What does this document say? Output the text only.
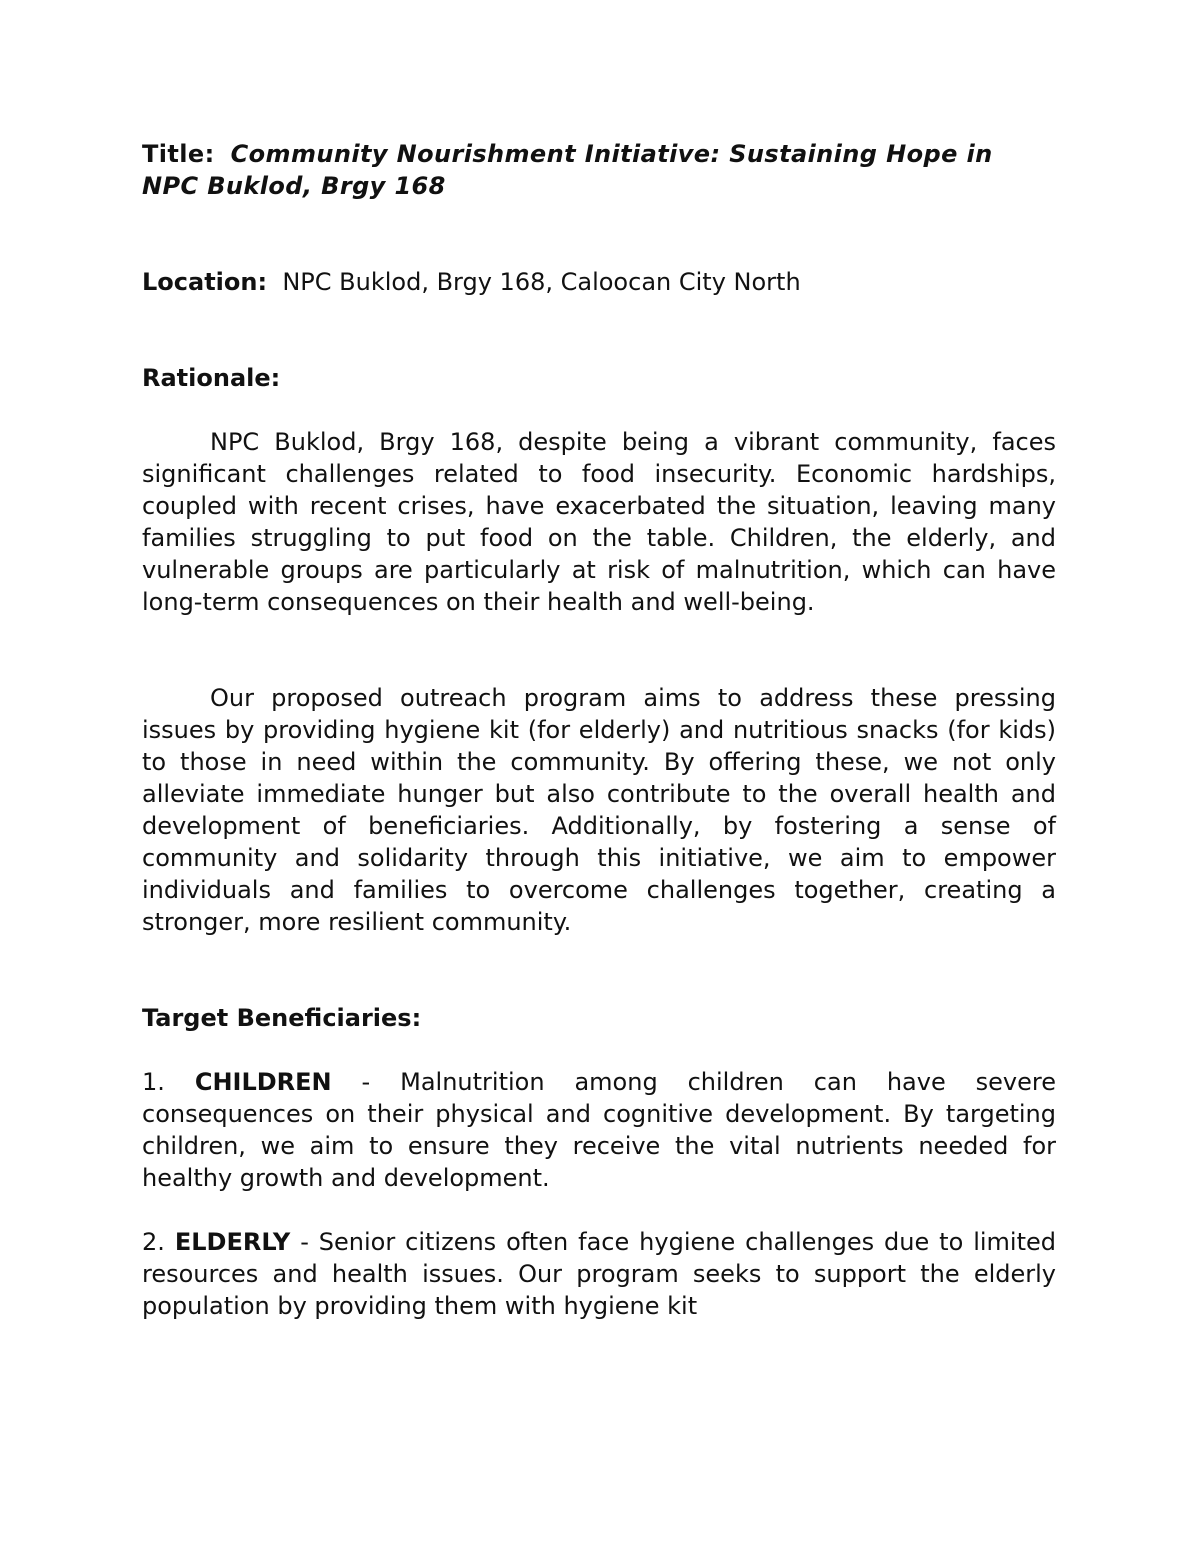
Title: Community Nourishment Initiative: Sustaining Hope in NPC Buklod, Brgy 168

Location: NPC Buklod, Brgy 168, Caloocan City North

Rationale:

NPC Buklod, Brgy 168, despite being a vibrant community, faces significant challenges related to food insecurity. Economic hardships, coupled with recent crises, have exacerbated the situation, leaving many families struggling to put food on the table. Children, the elderly, and vulnerable groups are particularly at risk of malnutrition, which can have long-term consequences on their health and well-being.

Our proposed outreach program aims to address these pressing issues by providing hygiene kit (for elderly) and nutritious snacks (for kids) to those in need within the community. By offering these, we not only alleviate immediate hunger but also contribute to the overall health and development of beneficiaries. Additionally, by fostering a sense of community and solidarity through this initiative, we aim to empower individuals and families to overcome challenges together, creating a stronger, more resilient community.

Target Beneficiaries:

1. CHILDREN - Malnutrition among children can have severe consequences on their physical and cognitive development. By targeting children, we aim to ensure they receive the vital nutrients needed for healthy growth and development.

2. ELDERLY - Senior citizens often face hygiene challenges due to limited resources and health issues. Our program seeks to support the elderly population by providing them with hygiene kit
